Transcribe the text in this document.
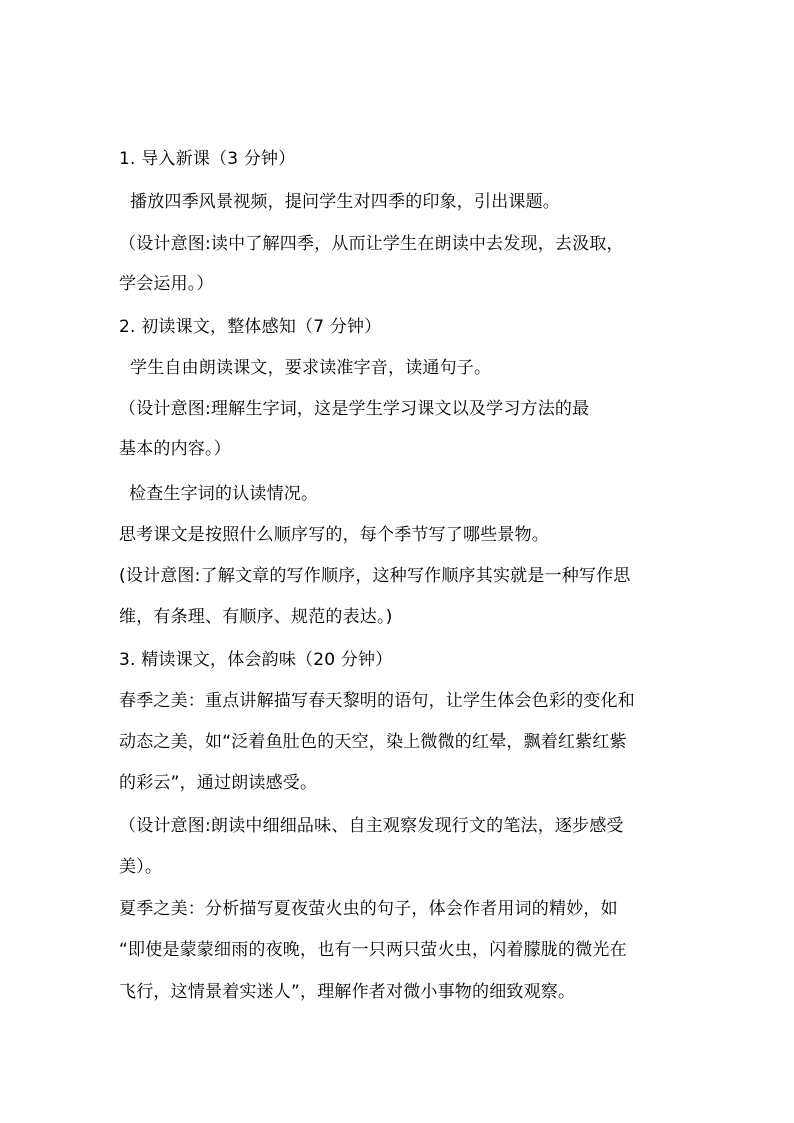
1. 导入新课（3 分钟）
播放四季风景视频，提问学生对四季的印象，引出课题。
（设计意图:读中了解四季，从而让学生在朗读中去发现，去汲取，
学会运用。）
2. 初读课文，整体感知（7 分钟）
学生自由朗读课文，要求读准字音，读通句子。
（设计意图:理解生字词，这是学生学习课文以及学习方法的最
基本的内容。）
检查生字词的认读情况。
思考课文是按照什么顺序写的，每个季节写了哪些景物。
(设计意图:了解文章的写作顺序，这种写作顺序其实就是一种写作思
维，有条理、有顺序、规范的表达。)
3. 精读课文，体会韵味（20 分钟）
春季之美：重点讲解描写春天黎明的语句，让学生体会色彩的变化和
动态之美，如“泛着鱼肚色的天空，染上微微的红晕，飘着红紫红紫
的彩云”，通过朗读感受。
（设计意图:朗读中细细品味、自主观察发现行文的笔法，逐步感受
美）。
夏季之美：分析描写夏夜萤火虫的句子，体会作者用词的精妙，如
“即使是蒙蒙细雨的夜晚，也有一只两只萤火虫，闪着朦胧的微光在
飞行，这情景着实迷人”，理解作者对微小事物的细致观察。
